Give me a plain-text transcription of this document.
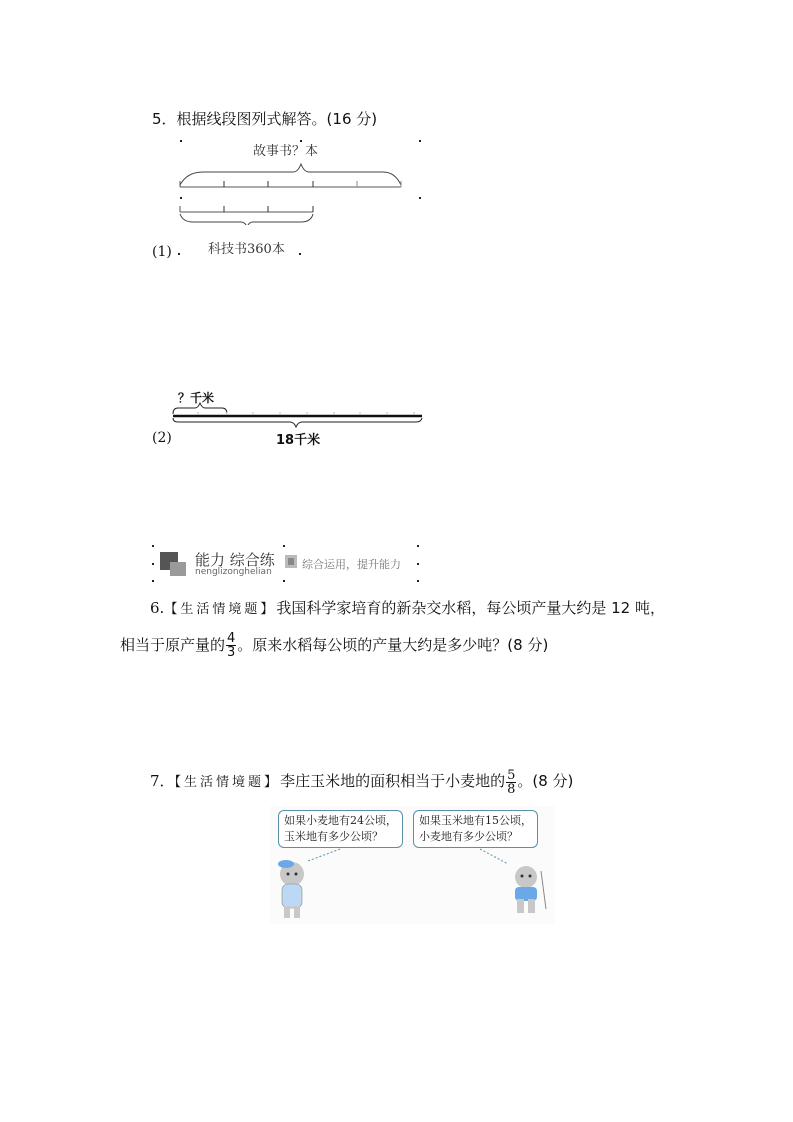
5．根据线段图列式解答。(16 分)
故事书？本
(1)	科技书360本
？千米
(2)	18千米
能力 综合练
nenglizonghelian
综合运用，提升能力
6.【生活情境题】我国科学家培育的新杂交水稻，每公顷产量大约是 12 吨，
相当于原产量的 $\frac{4}{3}$ 。原来水稻每公顷的产量大约是多少吨？(8 分)
7．【生活情境题】李庄玉米地的面积相当于小麦地的 $\frac{5}{8}$ 。(8 分)
如果小麦地有24公顷，
玉米地有多少公顷？
如果玉米地有15公顷，
小麦地有多少公顷？
